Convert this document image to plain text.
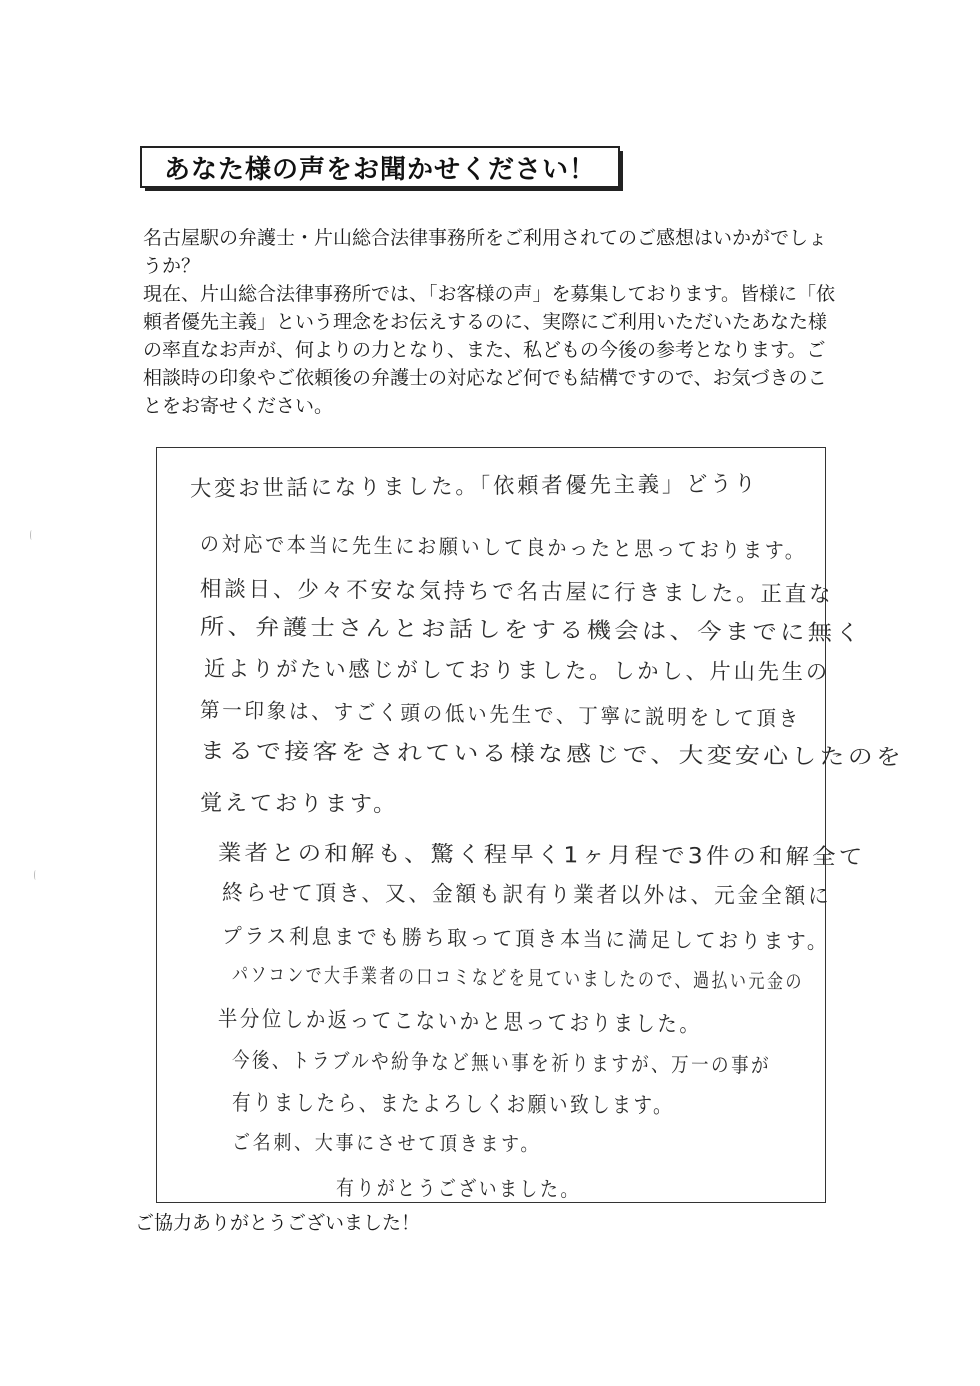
あなた様の声をお聞かせください！

名古屋駅の弁護士・片山総合法律事務所をご利用されてのご感想はいかがでしょうか？

現在、片山総合法律事務所では、「お客様の声」を募集しております。皆様に「依頼者優先主義」という理念をお伝えするのに、実際にご利用いただいたあなた様の率直なお声が、何よりの力となり、また、私どもの今後の参考となります。ご相談時の印象やご依頼後の弁護士の対応など何でも結構ですので、お気づきのことをお寄せください。

大変お世話になりました。「依頼者優先主義」どうり
の対応で本当に先生にお願いして良かったと思っております。
相談日、少々不安な気持ちで名古屋に行きました。正直な
所、弁護士さんとお話しをする機会は、今までに無く
近よりがたい感じがしておりました。しかし、片山先生の
第一印象は、すごく頭の低い先生で、丁寧に説明をして頂き
まるで接客をされている様な感じで、大変安心したのを
覚えております。
業者との和解も、驚く程早く1ヶ月程で3件の和解全て
終らせて頂き、又、金額も訳有り業者以外は、元金全額に
プラス利息までも勝ち取って頂き本当に満足しております。
パソコンで大手業者の口コミなどを見ていましたので、過払い元金の
半分位しか返ってこないかと思っておりました。
今後、トラブルや紛争など無い事を祈りますが、万一の事が
有りましたら、またよろしくお願い致します。
ご名刺、大事にさせて頂きます。
有りがとうございました。
ご協力ありがとうございました！
